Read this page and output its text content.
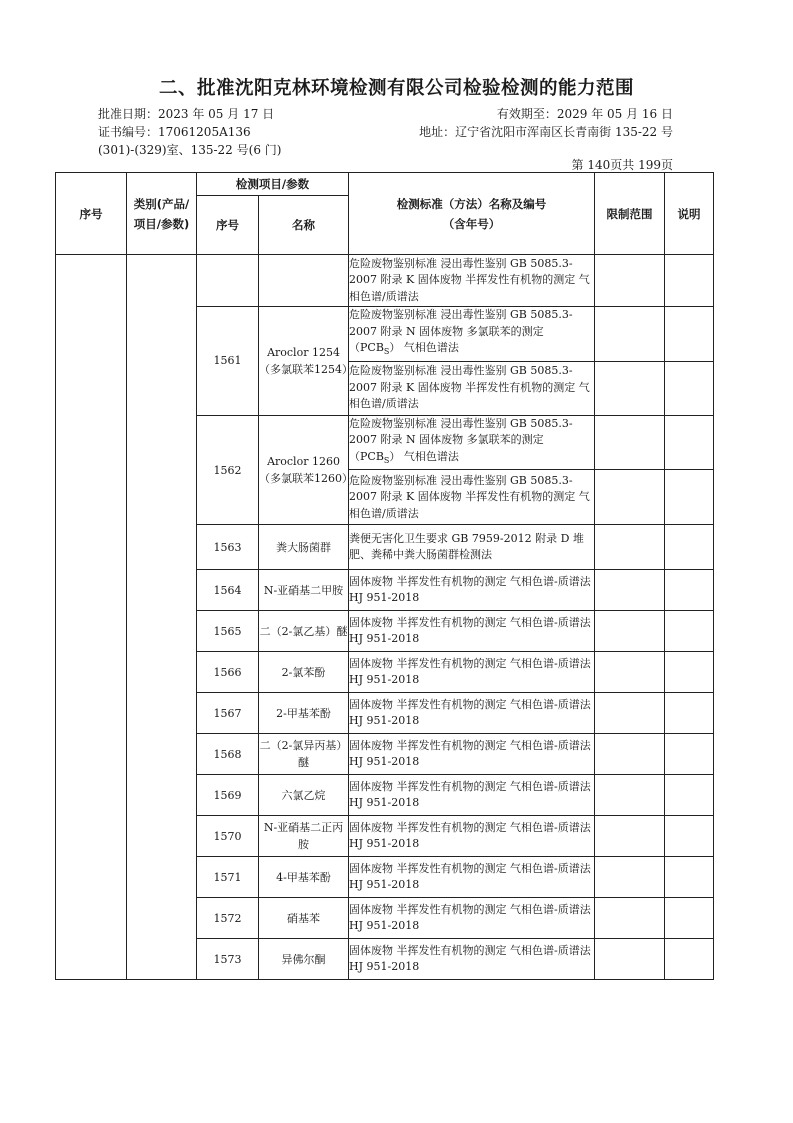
二、批准沈阳克林环境检测有限公司检验检测的能力范围
批准日期：2023 年 05 月 17 日	有效期至：2029 年 05 月 16 日
证书编号：17061205A136	地址：辽宁省沈阳市浑南区长青南街 135-22 号
(301)-(329)室、135-22 号(6 门)
第 140页共 199页
序号	类别(产品/项目/参数)	检测项目/参数		检测标准（方法）名称及编号（含年号）	限制范围	说明
		序号	名称			
				危险废物鉴别标准 浸出毒性鉴别 GB 5085.3-2007 附录 K 固体废物 半挥发性有机物的测定 气相色谱/质谱法		
		1561	Aroclor 1254（多氯联苯1254）	危险废物鉴别标准 浸出毒性鉴别 GB 5085.3-2007 附录 N 固体废物 多氯联苯的测定$(PCB_S)$ 气相色谱法		
				危险废物鉴别标准 浸出毒性鉴别 GB 5085.3-2007 附录 K 固体废物 半挥发性有机物的测定 气相色谱/质谱法		
		1562	Aroclor 1260（多氯联苯1260）	危险废物鉴别标准 浸出毒性鉴别 GB 5085.3-2007 附录 N 固体废物 多氯联苯的测定$(PCB_S)$ 气相色谱法		
				危险废物鉴别标准 浸出毒性鉴别 GB 5085.3-2007 附录 K 固体废物 半挥发性有机物的测定 气相色谱/质谱法		
		1563	粪大肠菌群	粪便无害化卫生要求 GB 7959-2012 附录 D 堆肥、粪稀中粪大肠菌群检测法		
		1564	N-亚硝基二甲胺	固体废物 半挥发性有机物的测定 气相色谱-质谱法 HJ 951-2018		
		1565	二（2-氯乙基）醚	固体废物 半挥发性有机物的测定 气相色谱-质谱法 HJ 951-2018		
		1566	2-氯苯酚	固体废物 半挥发性有机物的测定 气相色谱-质谱法 HJ 951-2018		
		1567	2-甲基苯酚	固体废物 半挥发性有机物的测定 气相色谱-质谱法 HJ 951-2018		
		1568	二（2-氯异丙基）醚	固体废物 半挥发性有机物的测定 气相色谱-质谱法 HJ 951-2018		
		1569	六氯乙烷	固体废物 半挥发性有机物的测定 气相色谱-质谱法 HJ 951-2018		
		1570	N-亚硝基二正丙胺	固体废物 半挥发性有机物的测定 气相色谱-质谱法 HJ 951-2018		
		1571	4-甲基苯酚	固体废物 半挥发性有机物的测定 气相色谱-质谱法 HJ 951-2018		
		1572	硝基苯	固体废物 半挥发性有机物的测定 气相色谱-质谱法 HJ 951-2018		
		1573	异佛尔酮	固体废物 半挥发性有机物的测定 气相色谱-质谱法 HJ 951-2018		
